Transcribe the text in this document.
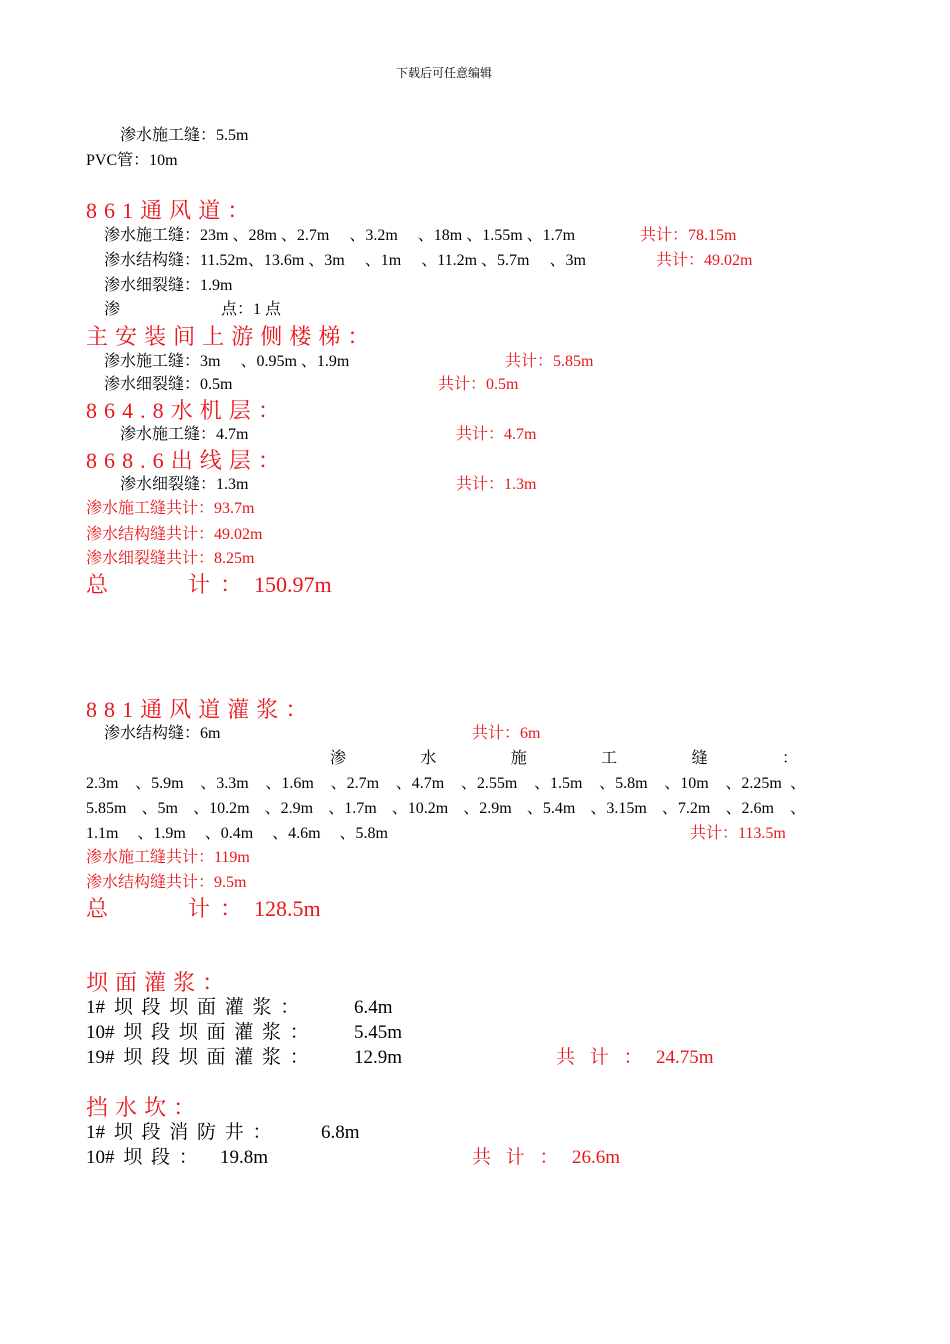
下载后可任意编辑
渗水施工缝：5.5m
PVC管：10m
861通风道：
渗水施工缝：23m 、28m 、2.7m 　、3.2m 　、18m 、1.55m 、1.7m	共计：78.15m
渗水结构缝：11.52m、13.6m 、3m 　、1m 　、11.2m 、5.7m 　、3m	共计：49.02m
渗水细裂缝：1.9m
渗	点：1 点
主安装间上游侧楼梯：
渗水施工缝：3m 　、0.95m 、1.9m	共计：5.85m
渗水细裂缝：0.5m	共计：0.5m
864.8水机层：
渗水施工缝：4.7m	共计：4.7m
868.6出线层：
渗水细裂缝：1.3m	共计：1.3m
渗水施工缝共计：93.7m
渗水结构缝共计：49.02m
渗水细裂缝共计：8.25m
总	计 ： 150.97m
881通风道灌浆：
渗水结构缝：6m	共计：6m
渗	水	施	工	缝	：
2.3m 、5.9m 、3.3m 、1.6m 、2.7m 、4.7m 、2.55m 、1.5m 、5.8m 、10m 、2.25m 、
5.85m 、5m 、10.2m 、2.9m 、1.7m 、10.2m 、2.9m 、5.4m 、3.15m 、7.2m 、2.6m 、
1.1m 、1.9m 、0.4m 、4.6m 、5.8m	共计：113.5m
渗水施工缝共计：119m
渗水结构缝共计：9.5m
总	计 ： 128.5m
坝面灌浆：
1# 坝 段 坝 面 灌 浆 ：	6.4m
10# 坝 段 坝 面 灌 浆 ： 5.45m
19# 坝 段 坝 面 灌 浆 ： 12.9m	共 计 ： 24.75m
挡水坎：
1# 坝 段 消 防 井 ：	6.8m
10# 坝 段 ： 19.8m	共 计 ： 26.6m
